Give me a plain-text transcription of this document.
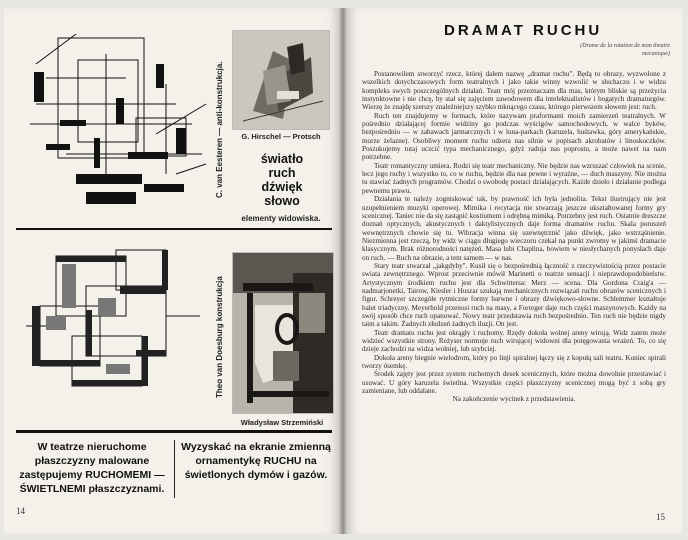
C. van Eesteren — anti-konstrukcja.	G. Hirschel — Protsch
światło
ruch
dźwięk
słowo
elementy widowiska.
Theo van Doesburg konstrukcja
Władysław Strzemiński
W teatrze nieruchome płaszczyzny malowane zastępujemy RUCHOMEMI — ŚWIETLNEMI płaszczyznami.
Wyzyskać na ekranie zmienną ornamentykę RUCHU na świetlonych dymów i gazów.
14
DRAMAT RUCHU
(Drame de la rotation de mon theatre mecanique)

Postanowiłem stworzyć rzecz, której dałem nazwę „dramat ruchu". Będą to obrazy, wyzwolone z wszelkich dotychczasowych form teatralnych i jako takie winny wzwolić w słuchaczu i w widzu kompleks swych poszczególnych działań. Teatr mój przeznaczam dla mas, którym bliskie są przeżycia instynktowne i nie chcę, by stał się zajęciem zawodowem dla intelektualistów i bogatych dramaturgów. Wierzę że znajdę szerszy znaleźniejszy szybko mknącego czasu, którego pierwszem słowem jest: ruch.

Ruch ten znajdujemy w formach, które nazywam praformami moich zamierzeń teatralnych. W pośrednio działającej formie widziny go podczas wyścigów samochodowych, w walce byków, bezpośrednio — w zabawach jarmarcznych i w luna-parkach (karuzela, huśtawka, góry amerykańskie, morze żelazne). Osobliwy moment ruchu udzera nas silnie w popisach akrobatów i linoskoczków. Poszukujemy tutaj uczcić typa mechanicznego, gdyż raduja nas poprostu, a może nawet na nam potrzebne.

Teatr romantyczny umiera. Rodzi się teatr mechaniczny. Nie będzie nas wzruszać człowiek na scenie, lecz jego ruchy i wszystko to, co w ruchu, będzie dla nas pewne i wyraźne, — duch maszyny. Nie można tu stawiać żadnych programów. Chodzi o swobodę postaci działających. Każde dzieło i działanie podlega pewnemu prawu.

Działania te należy zogniskować tak, by prawność ich była jednolita. Tekst ilustrujący nie jest uzupełnieniem muzyki operowej. Mimika i recytacja nie stwarzają jeszcze ukształtowanej formy gry scenicznej. Taniec nie da się zastąpić kostiumem i odrębną mimiką. Potrzebny jest ruch. Ostatnie dreszcze doznań optycznych, akustycznych i daktylistycznych daje forma dramatów ruchu. Skala poruszeń wewnętrznych chowie się tu. Wibracja winna się uzewnętrznić jako dźwięk, jako wstrząśnienie. Niezmienna jest rzeczą, by widz w ciągu długiego wieczoru czekał na punkt zwrotny w jakimś dramacie klasycznym. Brak różnorodności natężeń. Masa lubi Chaplina, bowiem w niesłychanych ponysłach daje on ruch. — Ruch na obrazie, a tem samem — w nas.

Stary teatr stwarzał „jakgdyby". Kusił się o bezpośrednią łączność z rzeczywistością przez postacie swiata zewnętrznego. Wprost przeciwnie mówił Marinetti o teatrze sensacji i nieprawdopodobieństw. Artystycznym środkiem ruchu jest dla Schwittersa: Merz — scena. Dla Gordona Craig'a — nadmarjonetki, Tairow, Kiesler i Huszar szukają mechanicznych rozwiązań ruchu obrazów scenicznych i figur. Schreyer szczegółe rytmiczne formy barwne i obrazy dźwiękowo-słowne. Schlemmer kształtuje balet triadyczny. Meyerhold przenosi ruch na masy, a Forreger daje ruch części maszynowych. Każdy na swój sposób chce ruch opanować. Nowy teatr przedstawia ruch bezpośrednio. Ten ruch nie będzie nigdy taim a takim. Żadnych złudzeń żadnych iluzji. On jest.

Teatr dramatu ruchu jest okrągły i ruchomy. Rzędy dokoła wolnej areny wirują. Widz zatem może widzieć wszystkie strony. Reżyser normuje ruch wirującej widowni dla potęgowania wrażeń. To, co się dzieje zachodzi na widza wolniej, lub szybciej.

Dokoła areny biegnie wielodrom, który po linji spiralnej łączy się z kopułą sali teatru. Koniec spirali tworzy ósemkę.

Środek zajęty jest przez system ruchomych desek scenicznych, które można dowolnie przestawiać i usuwać. U góry karuzela świetlna. Wszystkie części płaszczyzny scenicznej mogą być z sobą gry zamieniane, lub oddalane.

Na zakończenie wycinek z przedstawienia.

15
